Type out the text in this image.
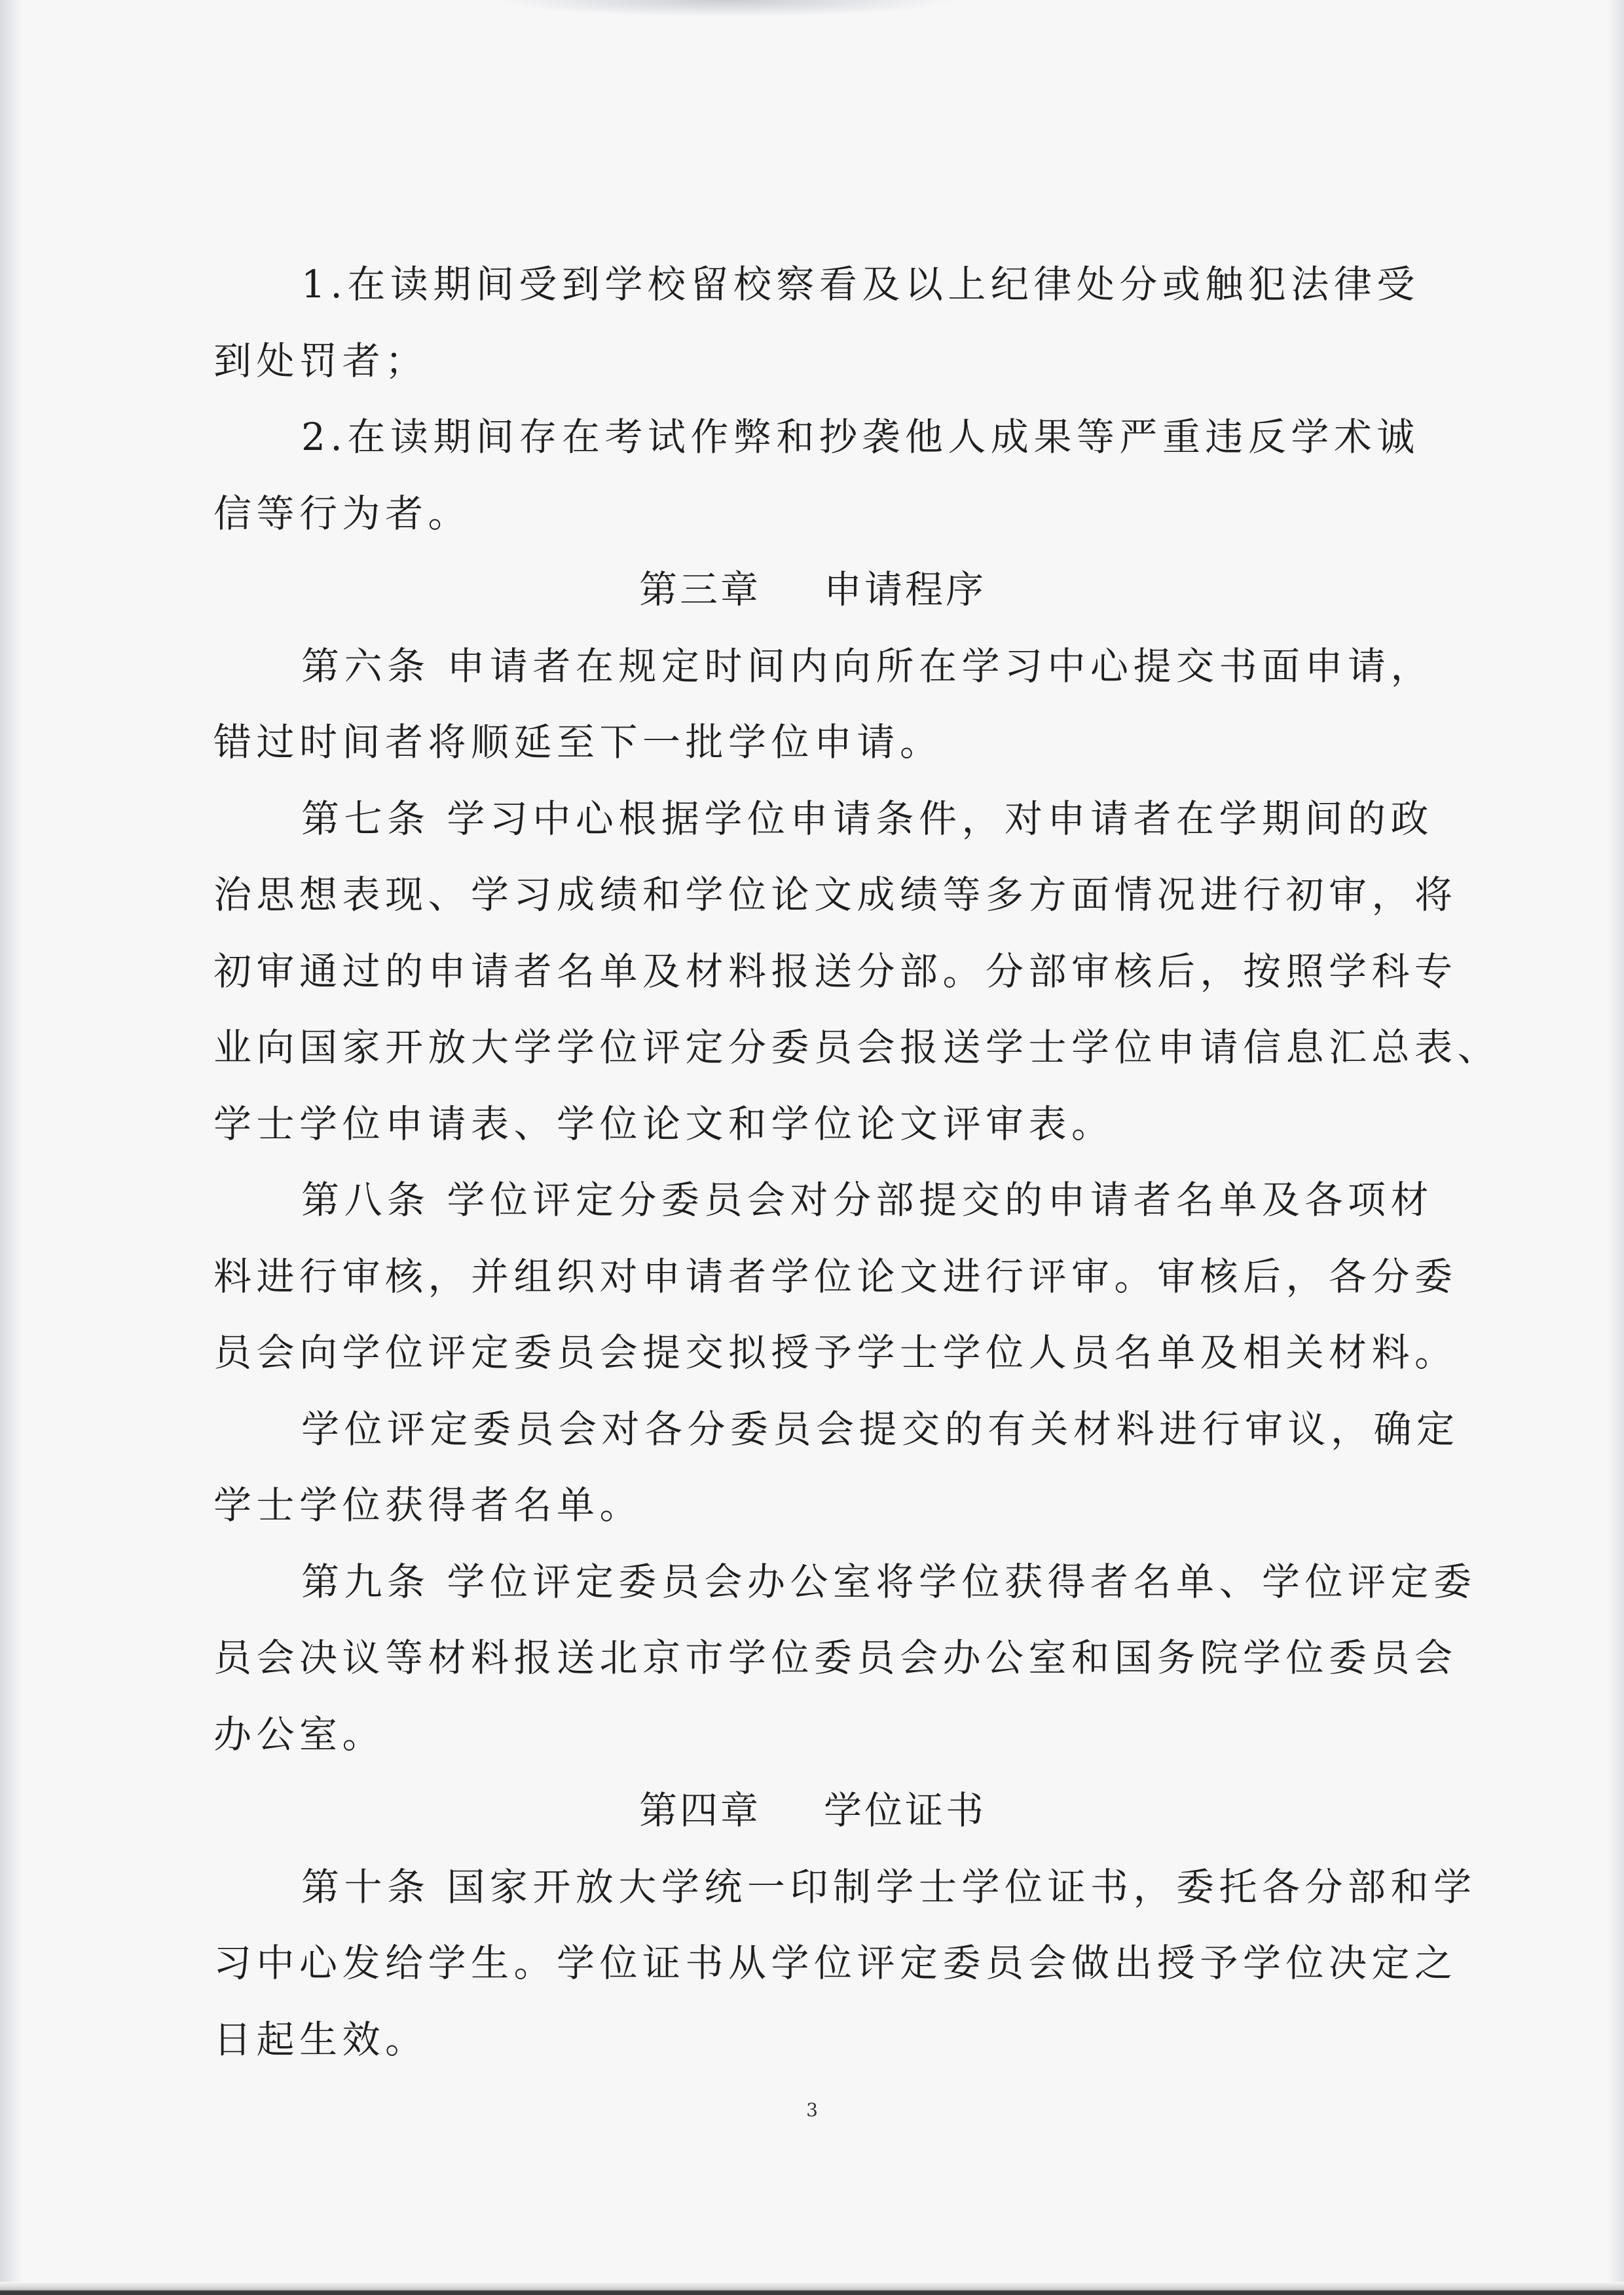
1.在读期间受到学校留校察看及以上纪律处分或触犯法律受
到处罚者；
2.在读期间存在考试作弊和抄袭他人成果等严重违反学术诚
信等行为者。
第三章 申请程序
第六条 申请者在规定时间内向所在学习中心提交书面申请，
错过时间者将顺延至下一批学位申请。
第七条 学习中心根据学位申请条件，对申请者在学期间的政
治思想表现、学习成绩和学位论文成绩等多方面情况进行初审，将
初审通过的申请者名单及材料报送分部。分部审核后，按照学科专
业向国家开放大学学位评定分委员会报送学士学位申请信息汇总表、
学士学位申请表、学位论文和学位论文评审表。
第八条 学位评定分委员会对分部提交的申请者名单及各项材
料进行审核，并组织对申请者学位论文进行评审。审核后，各分委
员会向学位评定委员会提交拟授予学士学位人员名单及相关材料。
学位评定委员会对各分委员会提交的有关材料进行审议，确定
学士学位获得者名单。
第九条 学位评定委员会办公室将学位获得者名单、学位评定委
员会决议等材料报送北京市学位委员会办公室和国务院学位委员会
办公室。
第四章 学位证书
第十条 国家开放大学统一印制学士学位证书，委托各分部和学
习中心发给学生。学位证书从学位评定委员会做出授予学位决定之
日起生效。
3
